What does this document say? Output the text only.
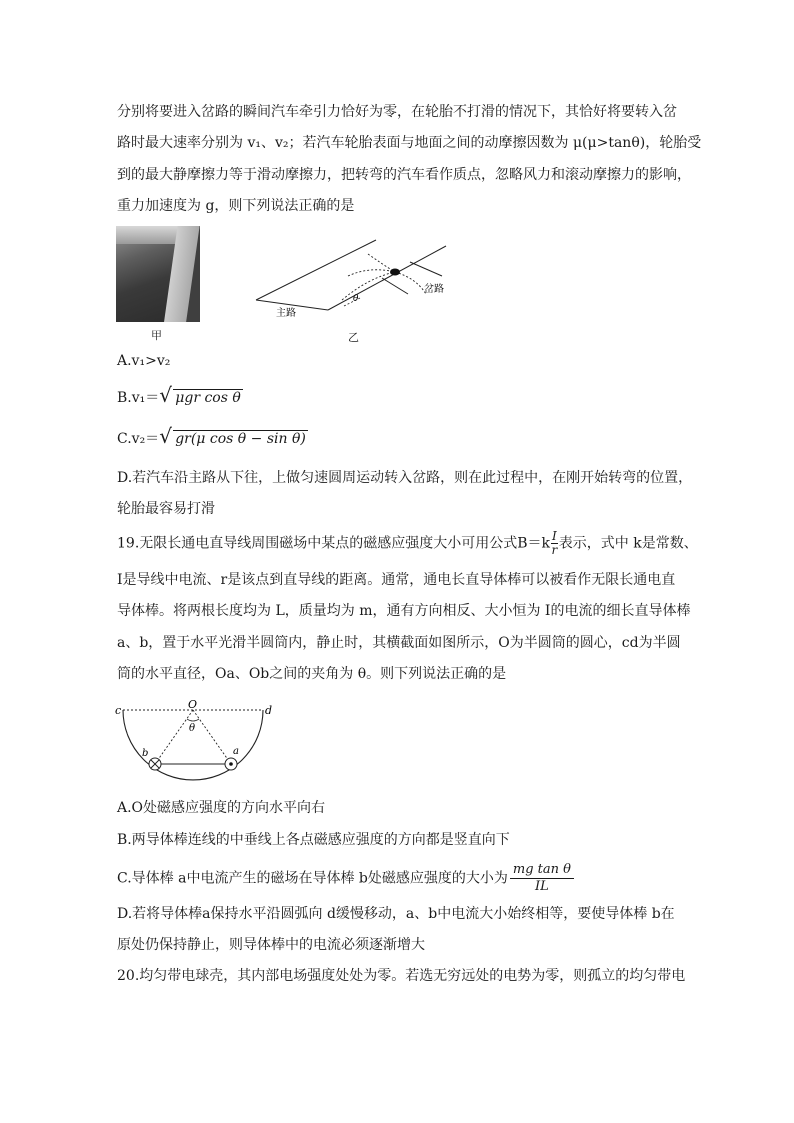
分别将要进入岔路的瞬间汽车牵引力恰好为零，在轮胎不打滑的情况下，其恰好将要转入岔
路时最大速率分别为 v₁、v₂；若汽车轮胎表面与地面之间的动摩擦因数为 μ(μ>tanθ)，轮胎受
到的最大静摩擦力等于滑动摩擦力，把转弯的汽车看作质点，忽略风力和滚动摩擦力的影响，
重力加速度为 g，则下列说法正确的是
甲
θ
岔路
主路
乙
A.v₁>v₂
B.v₁＝ √ μgr cos θ
C.v₂＝ √ gr(μ cos θ − sin θ)
D.若汽车沿主路从下往，上做匀速圆周运动转入岔路，则在此过程中，在刚开始转弯的位置，
轮胎最容易打滑
19.无限长通电直导线周围磁场中某点的磁感应强度大小可用公式$B=k \frac{I}{r}$表示，式中 k是常数、
I是导线中电流、r是该点到直导线的距离。通常，通电长直导体棒可以被看作无限长通电直
导体棒。将两根长度均为 L，质量均为 m，通有方向相反、大小恒为 I的电流的细长直导体棒
a、b，置于水平光滑半圆筒内，静止时，其横截面如图所示，O为半圆筒的圆心，cd为半圆
筒的水平直径，Oa、Ob之间的夹角为 θ。则下列说法正确的是
c	d
O
θ
b	a
A.O处磁感应强度的方向水平向右
B.两导体棒连线的中垂线上各点磁感应强度的方向都是竖直向下
C.导体棒 a中电流产生的磁场在导体棒 b处磁感应强度的大小为 $\frac{\text{mg tan θ}}{IL}$
D.若将导体棒a保持水平沿圆弧向 d缓慢移动，a、b中电流大小始终相等，要使导体棒 b在
原处仍保持静止，则导体棒中的电流必须逐渐增大
20.均匀带电球壳，其内部电场强度处处为零。若选无穷远处的电势为零，则孤立的均匀带电
